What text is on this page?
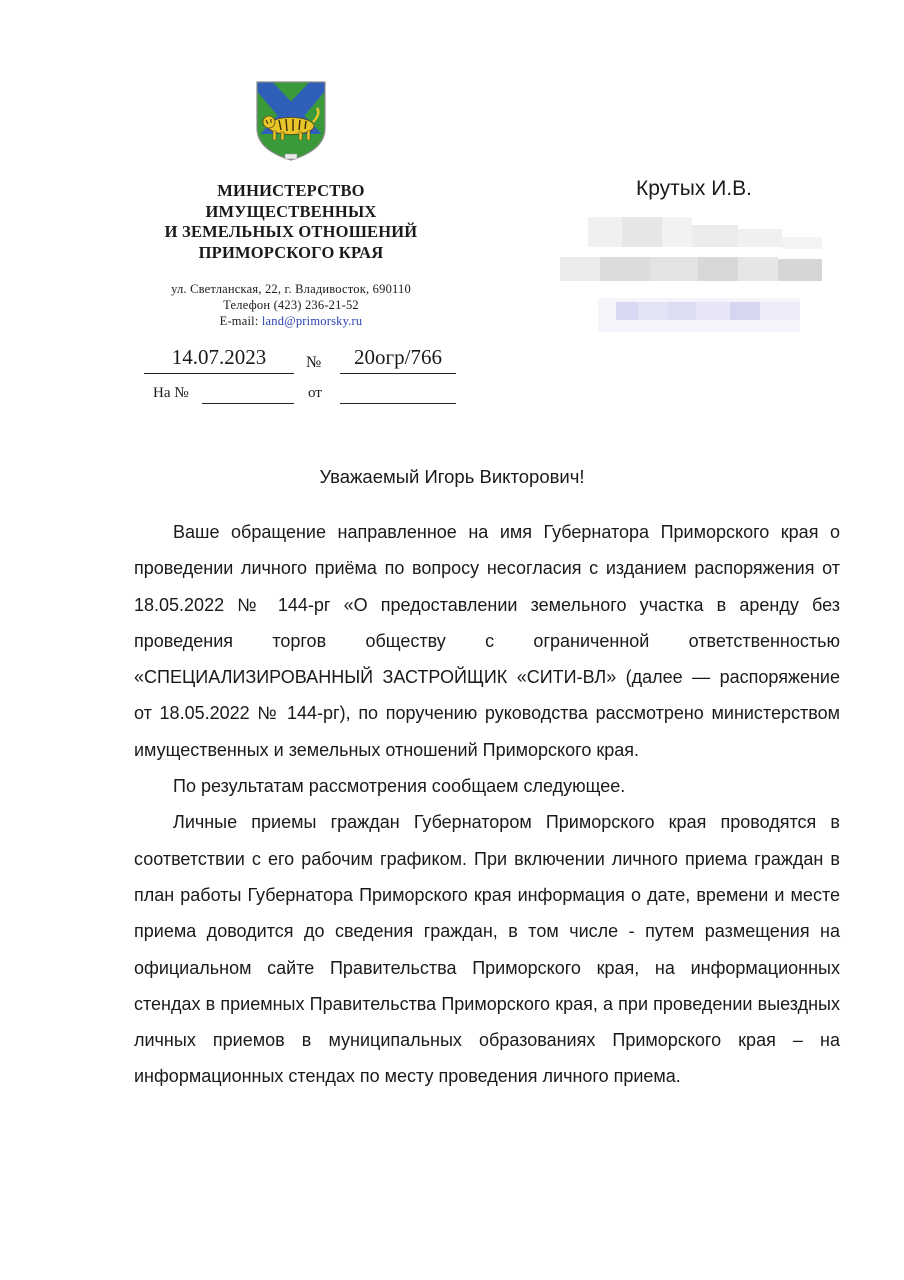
МИНИСТЕРСТВО
ИМУЩЕСТВЕННЫХ
И ЗЕМЕЛЬНЫХ ОТНОШЕНИЙ
ПРИМОРСКОГО КРАЯ
ул. Светланская, 22, г. Владивосток, 690110
Телефон (423) 236-21-52
E-mail: land@primorsky.ru
14.07.2023	№	20огр/766
На №	от
Крутых И.В.
Уважаемый Игорь Викторович!

Ваше обращение направленное на имя Губернатора Приморского края о проведении личного приёма по вопросу несогласия с изданием распоряжения от 18.05.2022 № 144-рг «О предоставлении земельного участка в аренду без проведения торгов обществу с ограниченной ответственностью «СПЕЦИАЛИЗИРОВАННЫЙ ЗАСТРОЙЩИК «СИТИ-ВЛ» (далее — распоряжение от 18.05.2022 № 144-рг), по поручению руководства рассмотрено министерством имущественных и земельных отношений Приморского края.

По результатам рассмотрения сообщаем следующее.

Личные приемы граждан Губернатором Приморского края проводятся в соответствии с его рабочим графиком. При включении личного приема граждан в план работы Губернатора Приморского края информация о дате, времени и месте приема доводится до сведения граждан, в том числе - путем размещения на официальном сайте Правительства Приморского края, на информационных стендах в приемных Правительства Приморского края, а при проведении выездных личных приемов в муниципальных образованиях Приморского края – на информационных стендах по месту проведения личного приема.
